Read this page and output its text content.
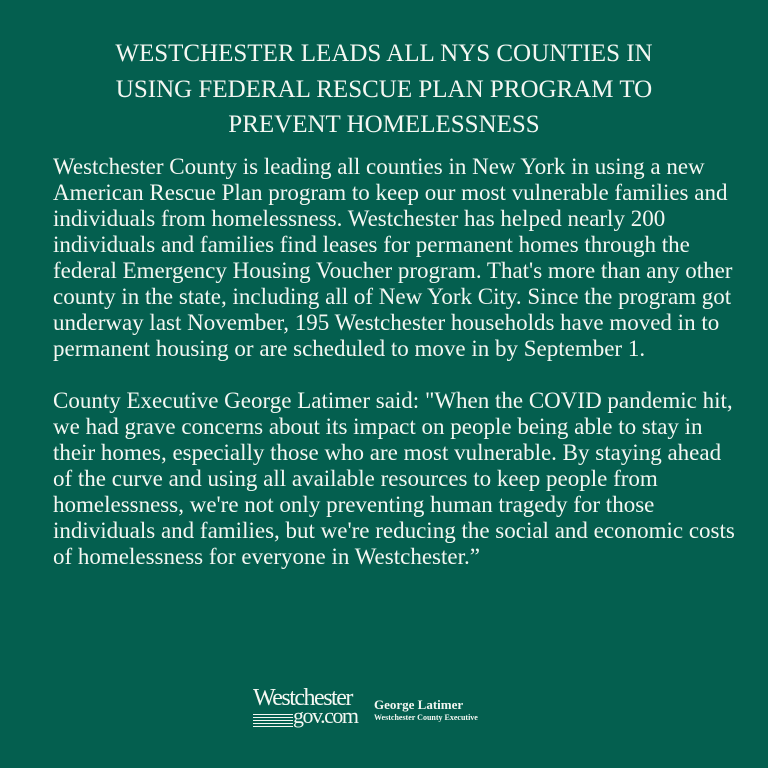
WESTCHESTER LEADS ALL NYS COUNTIES IN
USING FEDERAL RESCUE PLAN PROGRAM TO
PREVENT HOMELESSNESS

Westchester County is leading all counties in New York in using a new American Rescue Plan program to keep our most vulnerable families and individuals from homelessness. Westchester has helped nearly 200 individuals and families find leases for permanent homes through the federal Emergency Housing Voucher program. That's more than any other county in the state, including all of New York City. Since the program got underway last November, 195 Westchester households have moved in to permanent housing or are scheduled to move in by September 1.

County Executive George Latimer said: "When the COVID pandemic hit, we had grave concerns about its impact on people being able to stay in their homes, especially those who are most vulnerable. By staying ahead of the curve and using all available resources to keep people from homelessness, we're not only preventing human tragedy for those individuals and families, but we're reducing the social and economic costs of homelessness for everyone in Westchester.”

Westchester
gov.com George Latimer
Westchester County Executive
